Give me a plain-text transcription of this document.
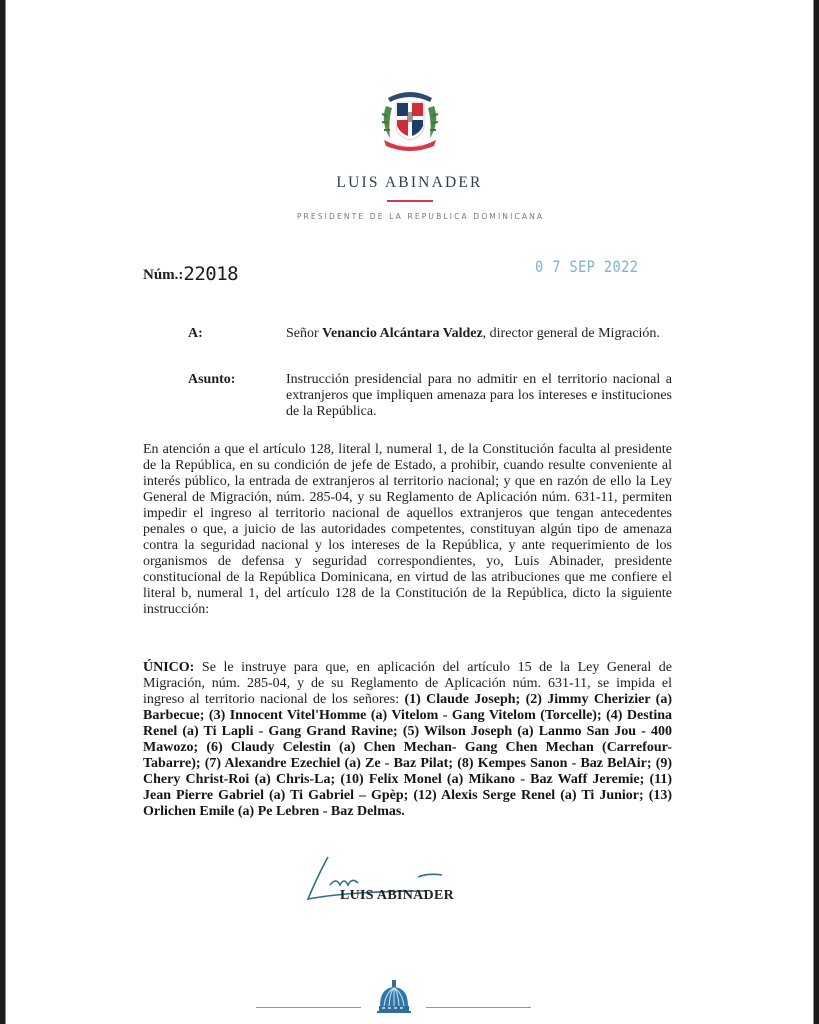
LUIS ABINADER
PRESIDENTE DE LA REPUBLICA DOMINICANA
Núm.:22018	0 7 SEP 2022
A:	Señor Venancio Alcántara Valdez, director general de Migración.
Asunto:	Instrucción presidencial para no admitir en el territorio nacional a extranjeros que impliquen amenaza para los intereses e instituciones de la República.
En atención a que el artículo 128, literal l, numeral 1, de la Constitución faculta al presidente de la República, en su condición de jefe de Estado, a prohibir, cuando resulte conveniente al interés público, la entrada de extranjeros al territorio nacional; y que en razón de ello la Ley General de Migración, núm. 285-04, y su Reglamento de Aplicación núm. 631-11, permiten impedir el ingreso al territorio nacional de aquellos extranjeros que tengan antecedentes penales o que, a juicio de las autoridades competentes, constituyan algún tipo de amenaza contra la seguridad nacional y los intereses de la República, y ante requerimiento de los organismos de defensa y seguridad correspondientes, yo, Luis Abinader, presidente constitucional de la República Dominicana, en virtud de las atribuciones que me confiere el literal b, numeral 1, del artículo 128 de la Constitución de la República, dicto la siguiente instrucción:
ÚNICO: Se le instruye para que, en aplicación del artículo 15 de la Ley General de Migración, núm. 285-04, y de su Reglamento de Aplicación núm. 631-11, se impida el ingreso al territorio nacional de los señores: (1) Claude Joseph; (2) Jimmy Cherizier (a) Barbecue; (3) Innocent Vitel'Homme (a) Vitelom - Gang Vitelom (Torcelle); (4) Destina Renel (a) Ti Lapli - Gang Grand Ravine; (5) Wilson Joseph (a) Lanmo San Jou - 400 Mawozo; (6) Claudy Celestin (a) Chen Mechan- Gang Chen Mechan (Carrefour-Tabarre); (7) Alexandre Ezechiel (a) Ze - Baz Pilat; (8) Kempes Sanon - Baz BelAir; (9) Chery Christ-Roi (a) Chris-La; (10) Felix Monel (a) Mikano - Baz Waff Jeremie; (11) Jean Pierre Gabriel (a) Ti Gabriel – Gpèp; (12) Alexis Serge Renel (a) Ti Junior; (13) Orlichen Emile (a) Pe Lebren - Baz Delmas.
LUIS ABINADER
